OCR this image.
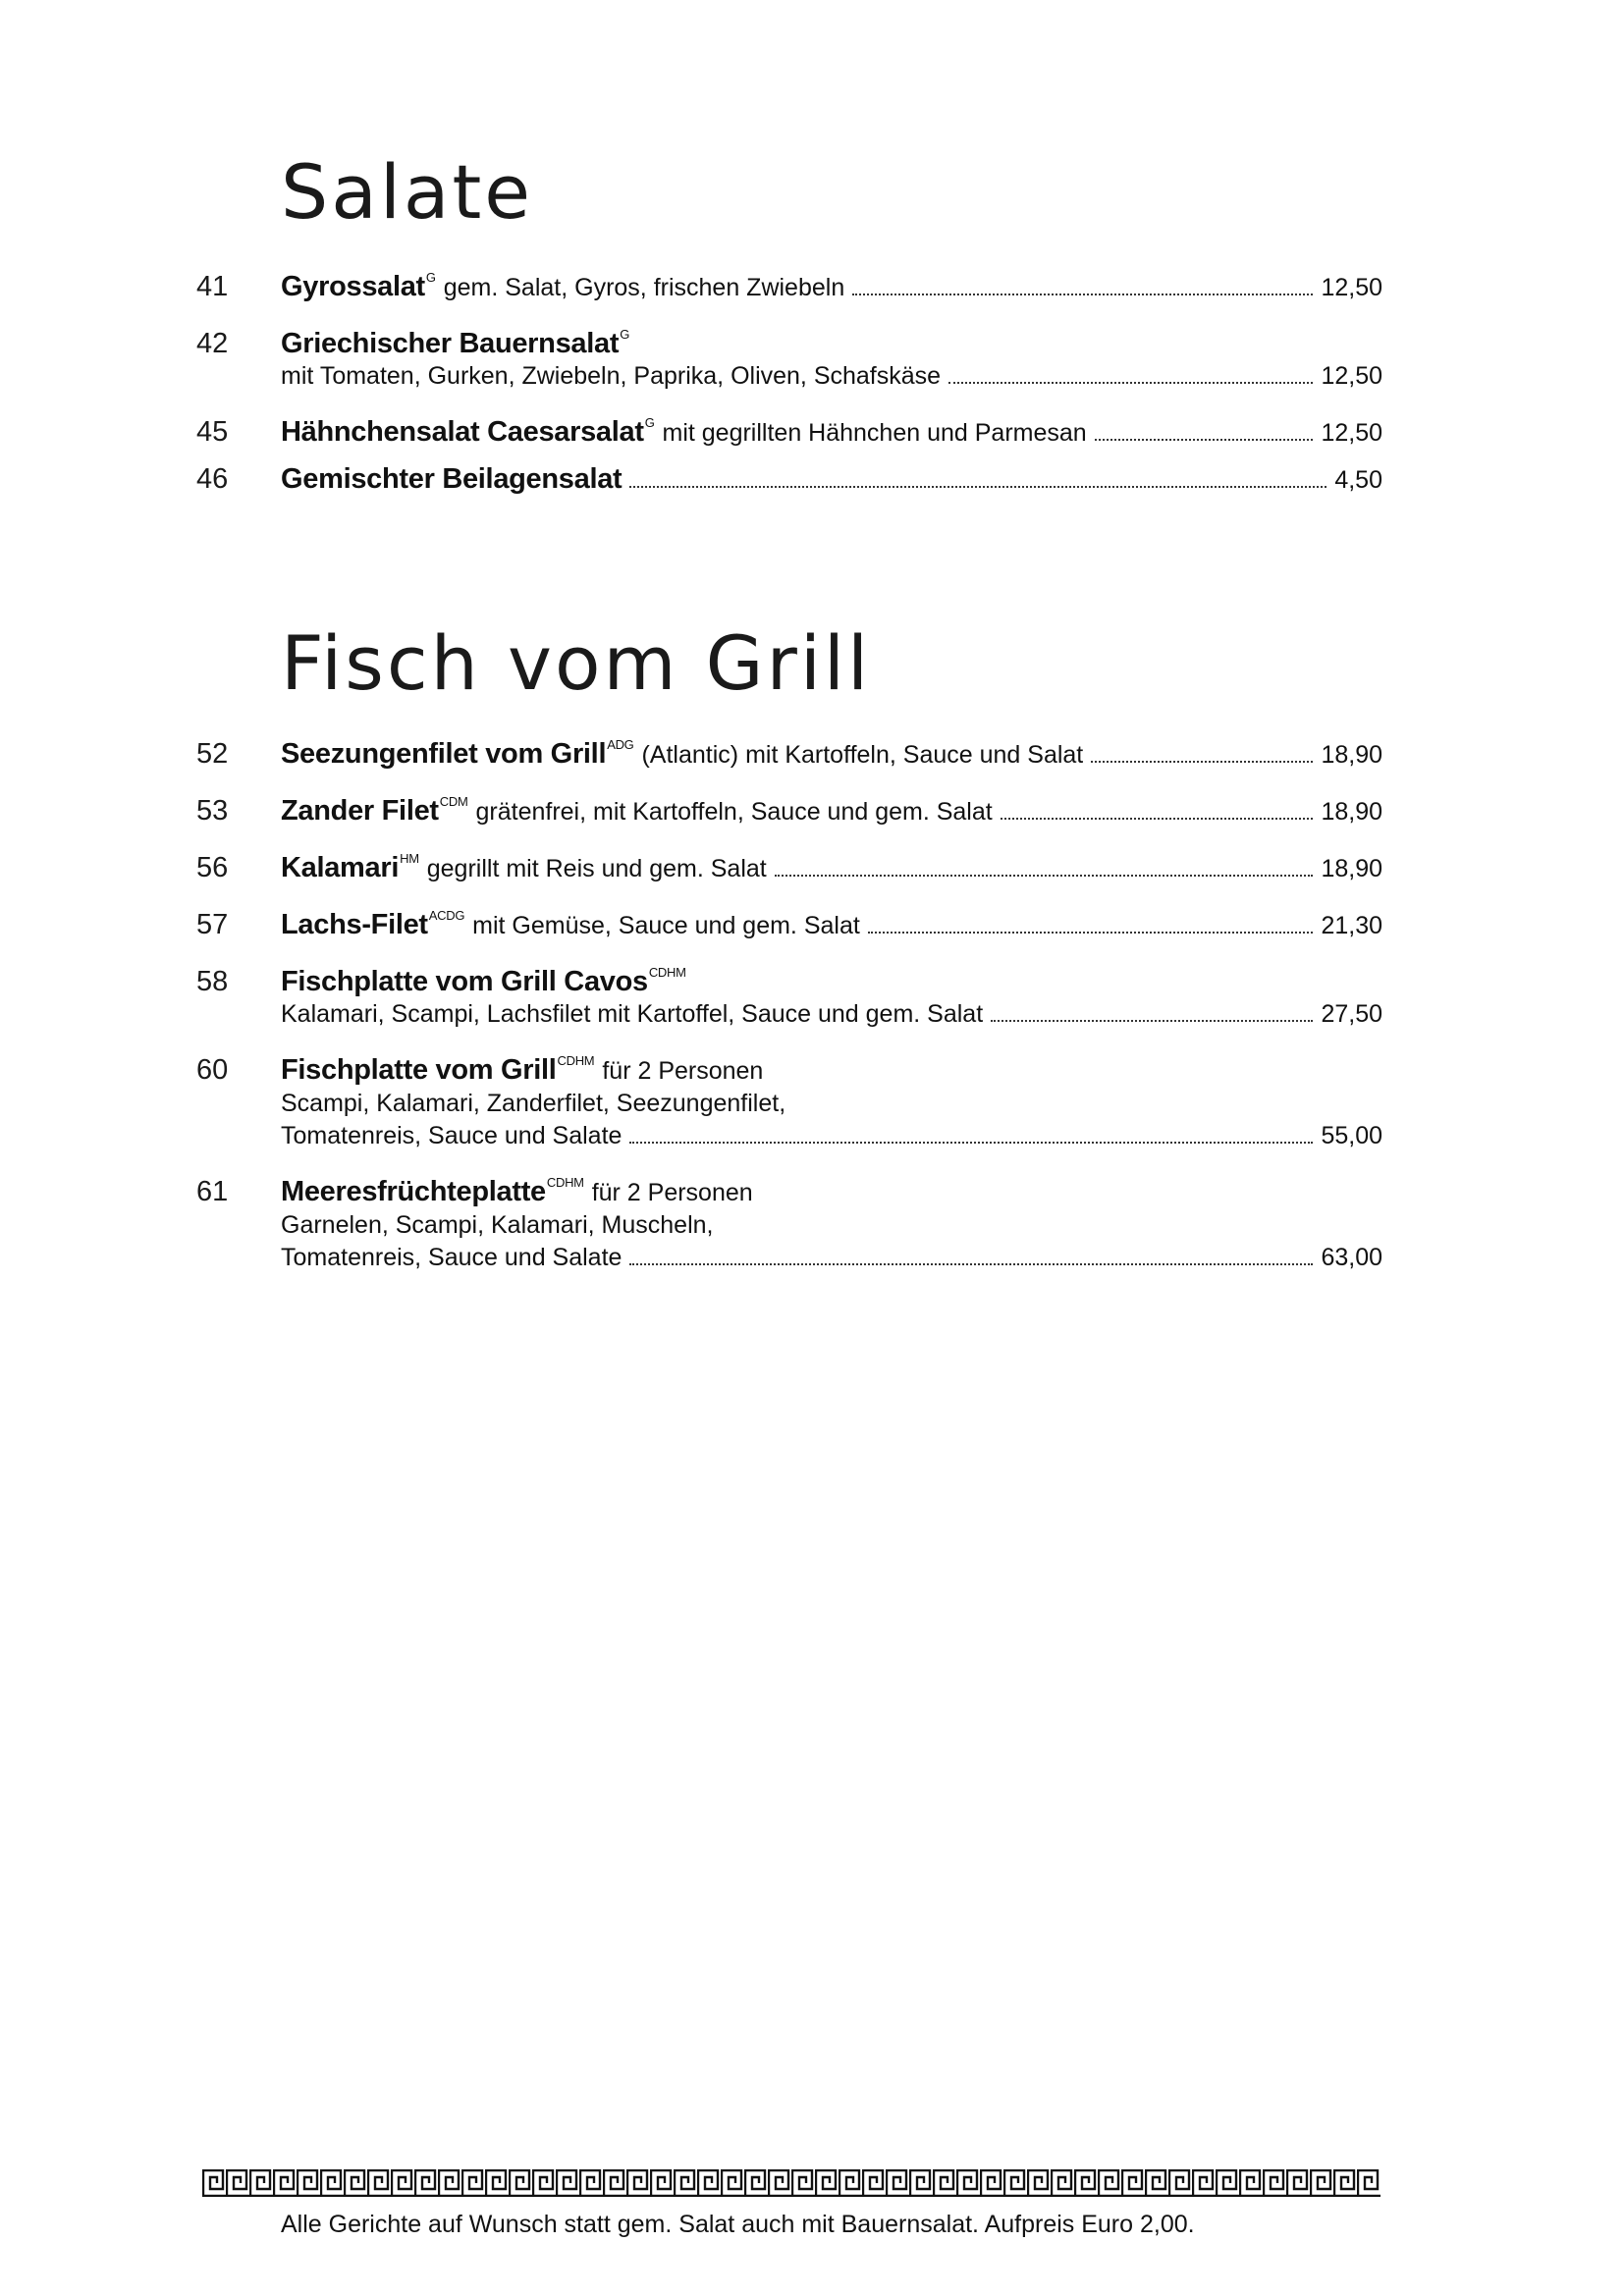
Salate
41	Gyrossalat$^G$ gem. Salat, Gyros, frischen Zwiebeln	12,50
42	Griechischer Bauernsalat$^G$
mit Tomaten, Gurken, Zwiebeln, Paprika, Oliven, Schafskäse	12,50
45	Hähnchensalat Caesarsalat$^G$ mit gegrillten Hähnchen und Parmesan	12,50
46	Gemischter Beilagensalat	4,50
Fisch vom Grill
52	Seezungenfilet vom Grill$^{ADG}$ (Atlantic) mit Kartoffeln, Sauce und Salat	18,90
53	Zander Filet$^{CDM}$ grätenfrei, mit Kartoffeln, Sauce und gem. Salat	18,90
56	Kalamari$^{HM}$ gegrillt mit Reis und gem. Salat	18,90
57	Lachs-Filet$^{ACDG}$ mit Gemüse, Sauce und gem. Salat	21,30
58	Fischplatte vom Grill Cavos$^{CDHM}$
Kalamari, Scampi, Lachsfilet mit Kartoffel, Sauce und gem. Salat	27,50
60	Fischplatte vom Grill$^{CDHM}$ für 2 Personen
Scampi, Kalamari, Zanderfilet, Seezungenfilet,
Tomatenreis, Sauce und Salate	55,00
61	Meeresfrüchteplatte$^{CDHM}$ für 2 Personen
Garnelen, Scampi, Kalamari, Muscheln,
Tomatenreis, Sauce und Salate	63,00
Alle Gerichte auf Wunsch statt gem. Salat auch mit Bauernsalat. Aufpreis Euro 2,00.
